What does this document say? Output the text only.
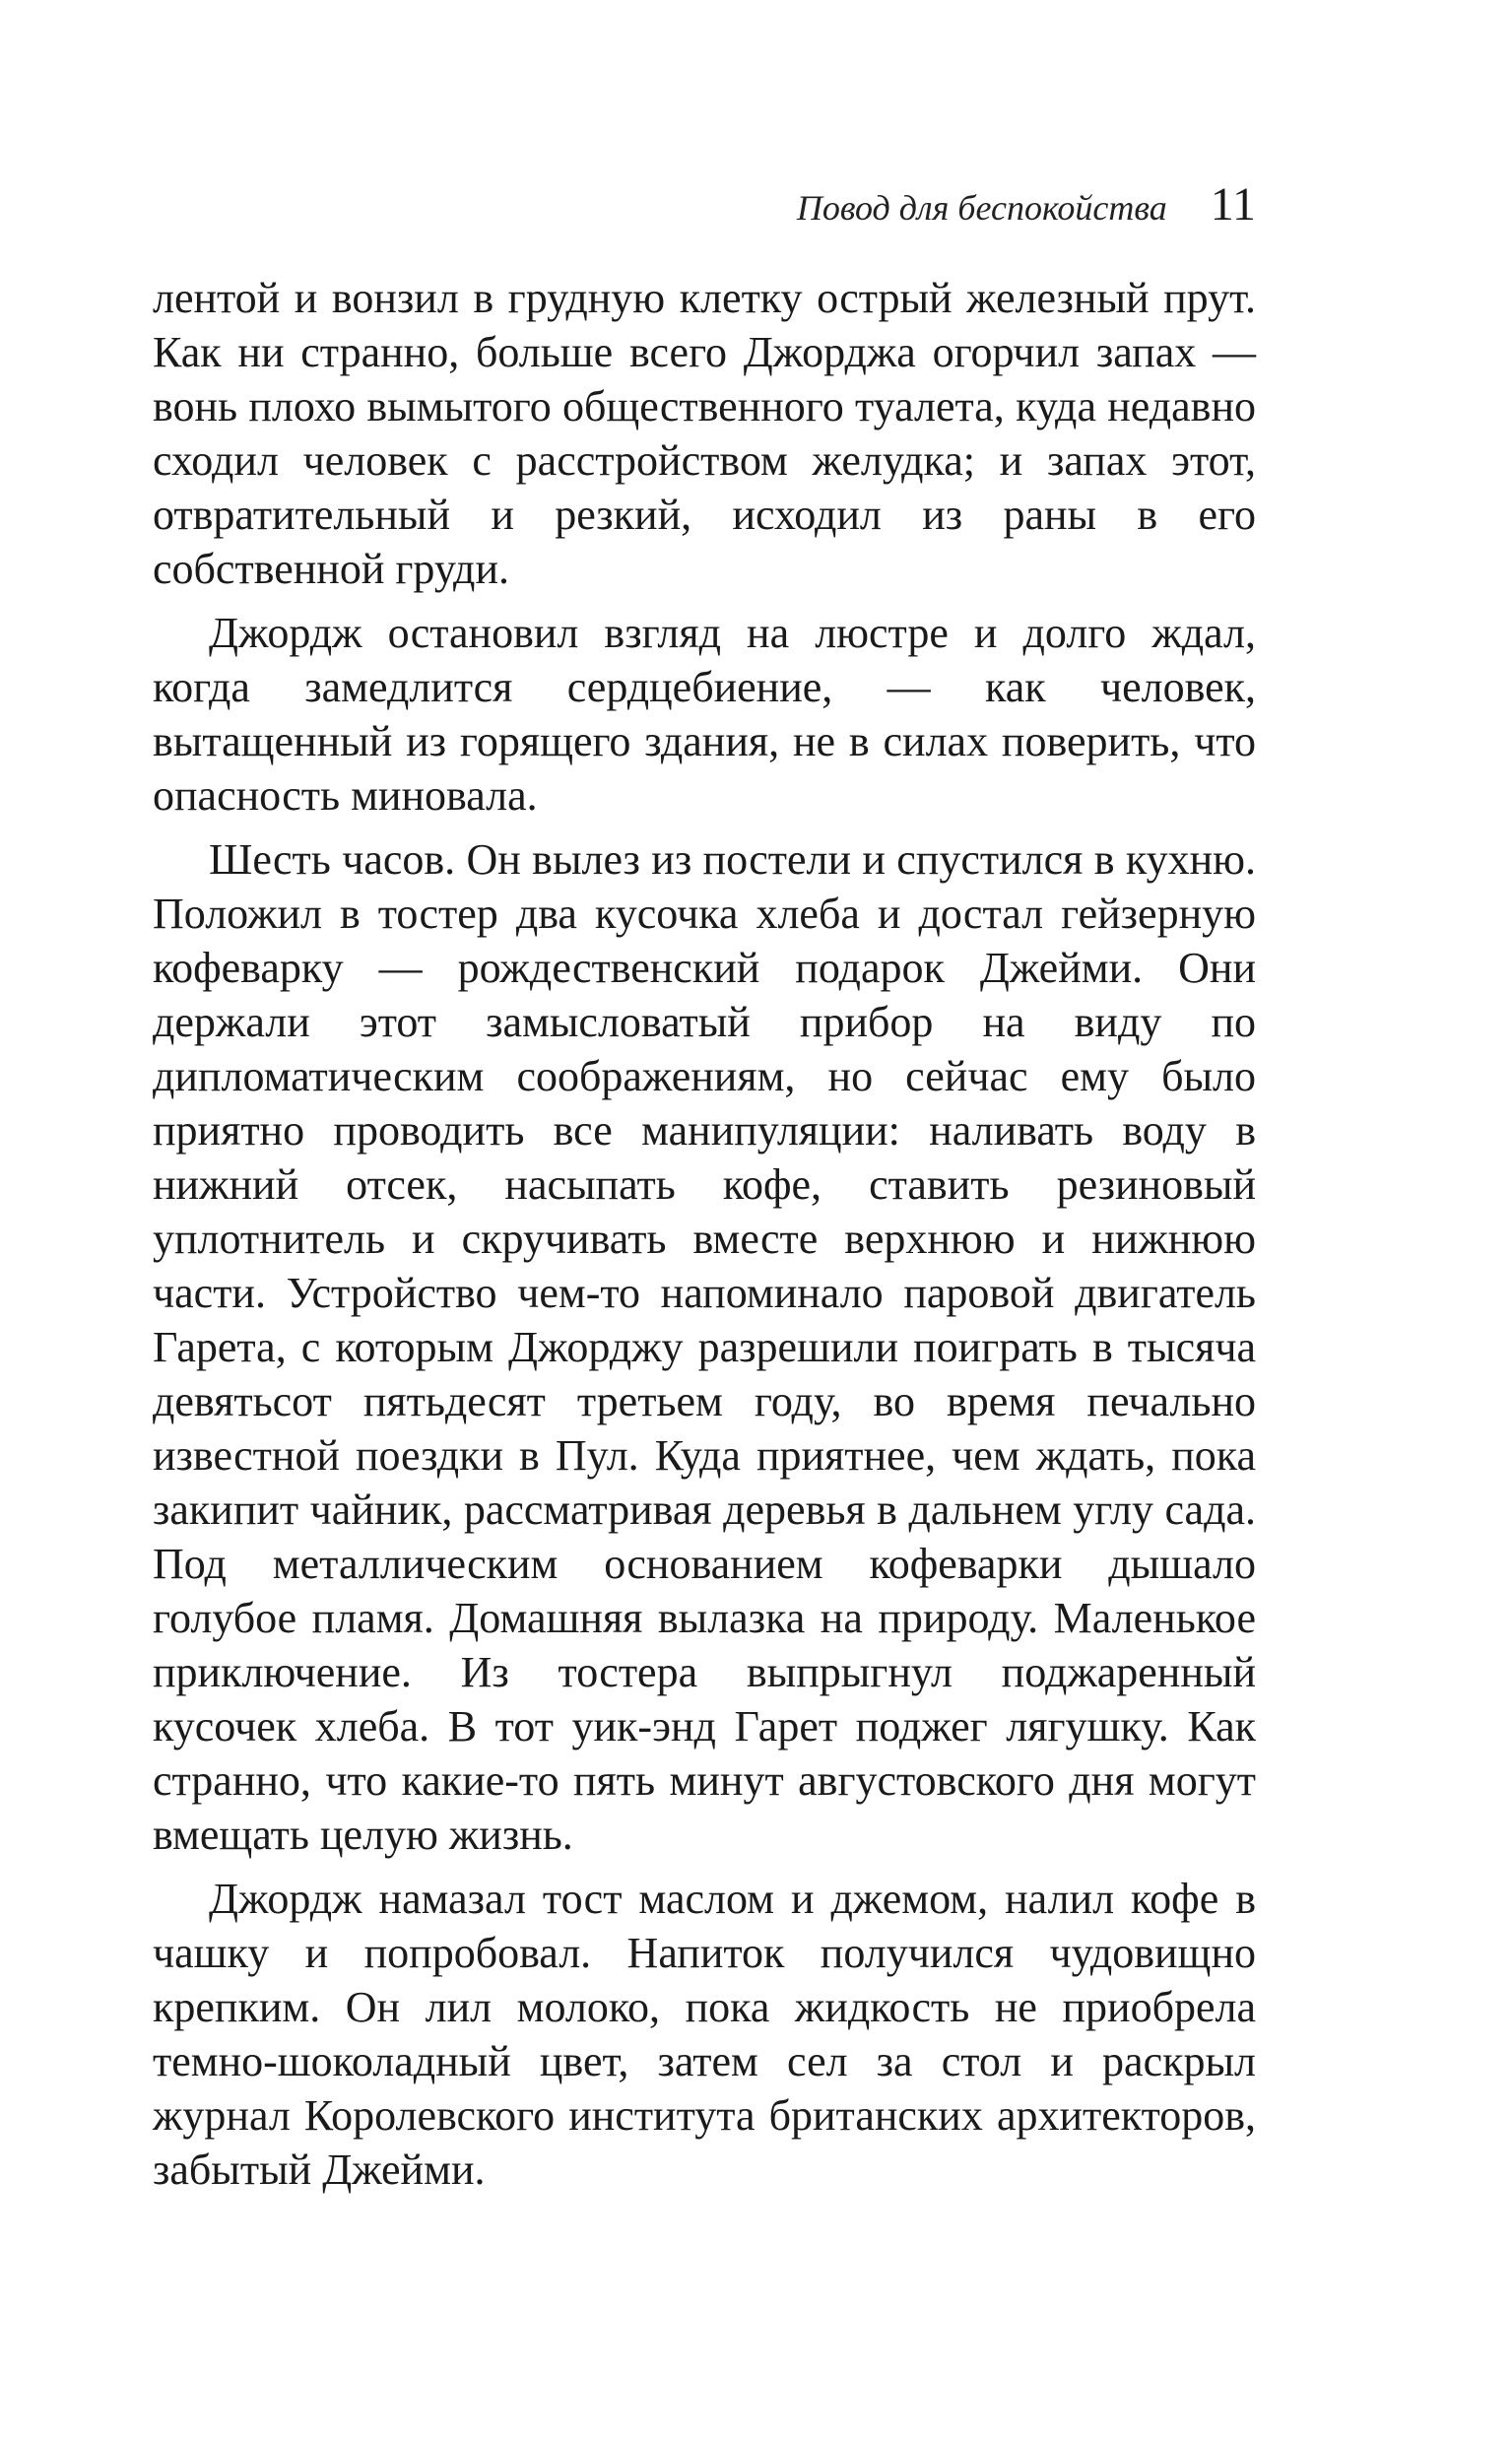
Повод для беспокойства 11

лентой и вонзил в грудную клетку острый железный прут. Как ни странно, больше всего Джорджа огорчил запах — вонь плохо вымытого общественного туалета, куда недавно сходил человек с расстройством желудка; и запах этот, отвратительный и резкий, исходил из раны в его собственной груди.

Джордж остановил взгляд на люстре и долго ждал, когда замедлится сердцебиение, — как человек, вытащенный из горящего здания, не в силах поверить, что опасность миновала.

Шесть часов. Он вылез из постели и спустился в кухню. Положил в тостер два кусочка хлеба и достал гейзерную кофеварку — рождественский подарок Джейми. Они держали этот замысловатый прибор на виду по дипломатическим соображениям, но сейчас ему было приятно проводить все манипуляции: наливать воду в нижний отсек, насыпать кофе, ставить резиновый уплотнитель и скручивать вместе верхнюю и нижнюю части. Устройство чем-то напоминало паровой двигатель Гарета, с которым Джорджу разрешили поиграть в тысяча девятьсот пятьдесят третьем году, во время печально известной поездки в Пул. Куда приятнее, чем ждать, пока закипит чайник, рассматривая деревья в дальнем углу сада. Под металлическим основанием кофеварки дышало голубое пламя. Домашняя вылазка на природу. Маленькое приключение. Из тостера выпрыгнул поджаренный кусочек хлеба. В тот уик-энд Гарет поджег лягушку. Как странно, что какие-то пять минут августовского дня могут вмещать целую жизнь.

Джордж намазал тост маслом и джемом, налил кофе в чашку и попробовал. Напиток получился чудовищно крепким. Он лил молоко, пока жидкость не приобрела темно-шоколадный цвет, затем сел за стол и раскрыл журнал Королевского института британских архитекторов, забытый Джейми.
